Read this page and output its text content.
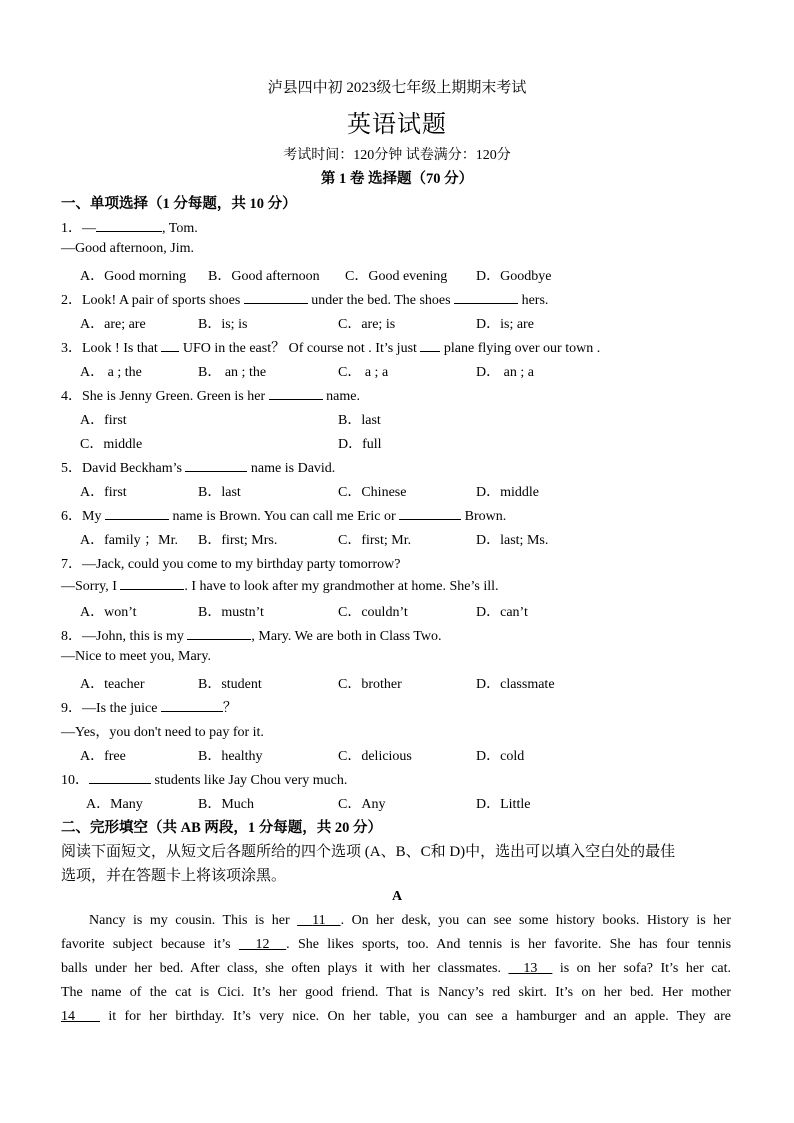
泸县四中初 2023级七年级上期期末考试
英语试题
考试时间：120分钟 试卷满分：120分
第 1 卷 选择题（70 分）
一、单项选择（1 分每题，共 10 分）
1．—	, Tom.
—Good afternoon, Jim.
A．Good morning B．Good afternoon C．Good evening D．Goodbye
2．Look! A pair of sports shoes	under the bed. The shoes	hers.
A．are; are	B．is; is	C．are; is	D．is; are
3．Look ! Is that UFO in the east？ Of course not . It’s just plane flying over our town .
A． a ; the	B． an ; the	C． a ; a	D． an ; a
4．She is Jenny Green. Green is her	name.
A．first	B．last
C．middle	D．full
5．David Beckham’s	name is David.
A．first	B．last	C．Chinese	D．middle
6．My	name is Brown. You can call me Eric or	Brown.
A．family ；Mr. B．first; Mrs.	C．first; Mr.	D．last; Ms.
7．—Jack, could you come to my birthday party tomorrow?
—Sorry, I	. I have to look after my grandmother at home. She’s ill.
A．won’t	B．mustn’t	C．couldn’t	D．can’t
8．—John, this is my	, Mary. We are both in Class Two.
—Nice to meet you, Mary.
A．teacher	B．student	C．brother	D．classmate
9．—Is the juice	？
—Yes，you don't need to pay for it.
A．free	B．healthy	C．delicious	D．cold
10．	students like Jay Chou very much.
A．Many	B．Much	C．Any	D．Little
二、完形填空（共 AB 两段，1 分每题，共 20 分）
阅读下面短文，从短文后各题所给的四个选项 (A、B、C和 D)中，选出可以填入空白处的最佳
选项，并在答题卡上将该项涂黑。
A
Nancy is my cousin. This is her 11 . On her desk, you can see some history books. History is her
favorite subject because it’s 12 . She likes sports, too. And tennis is her favorite. She has four tennis
balls under her bed. After class, she often plays it with her classmates. 13 is on her sofa? It’s her cat.
The name of the cat is Cici. It’s her good friend. That is Nancy’s red skirt. It’s on her bed. Her mother
14 it for her birthday. It’s very nice. On her table, you can see a hamburger and an apple. They are
